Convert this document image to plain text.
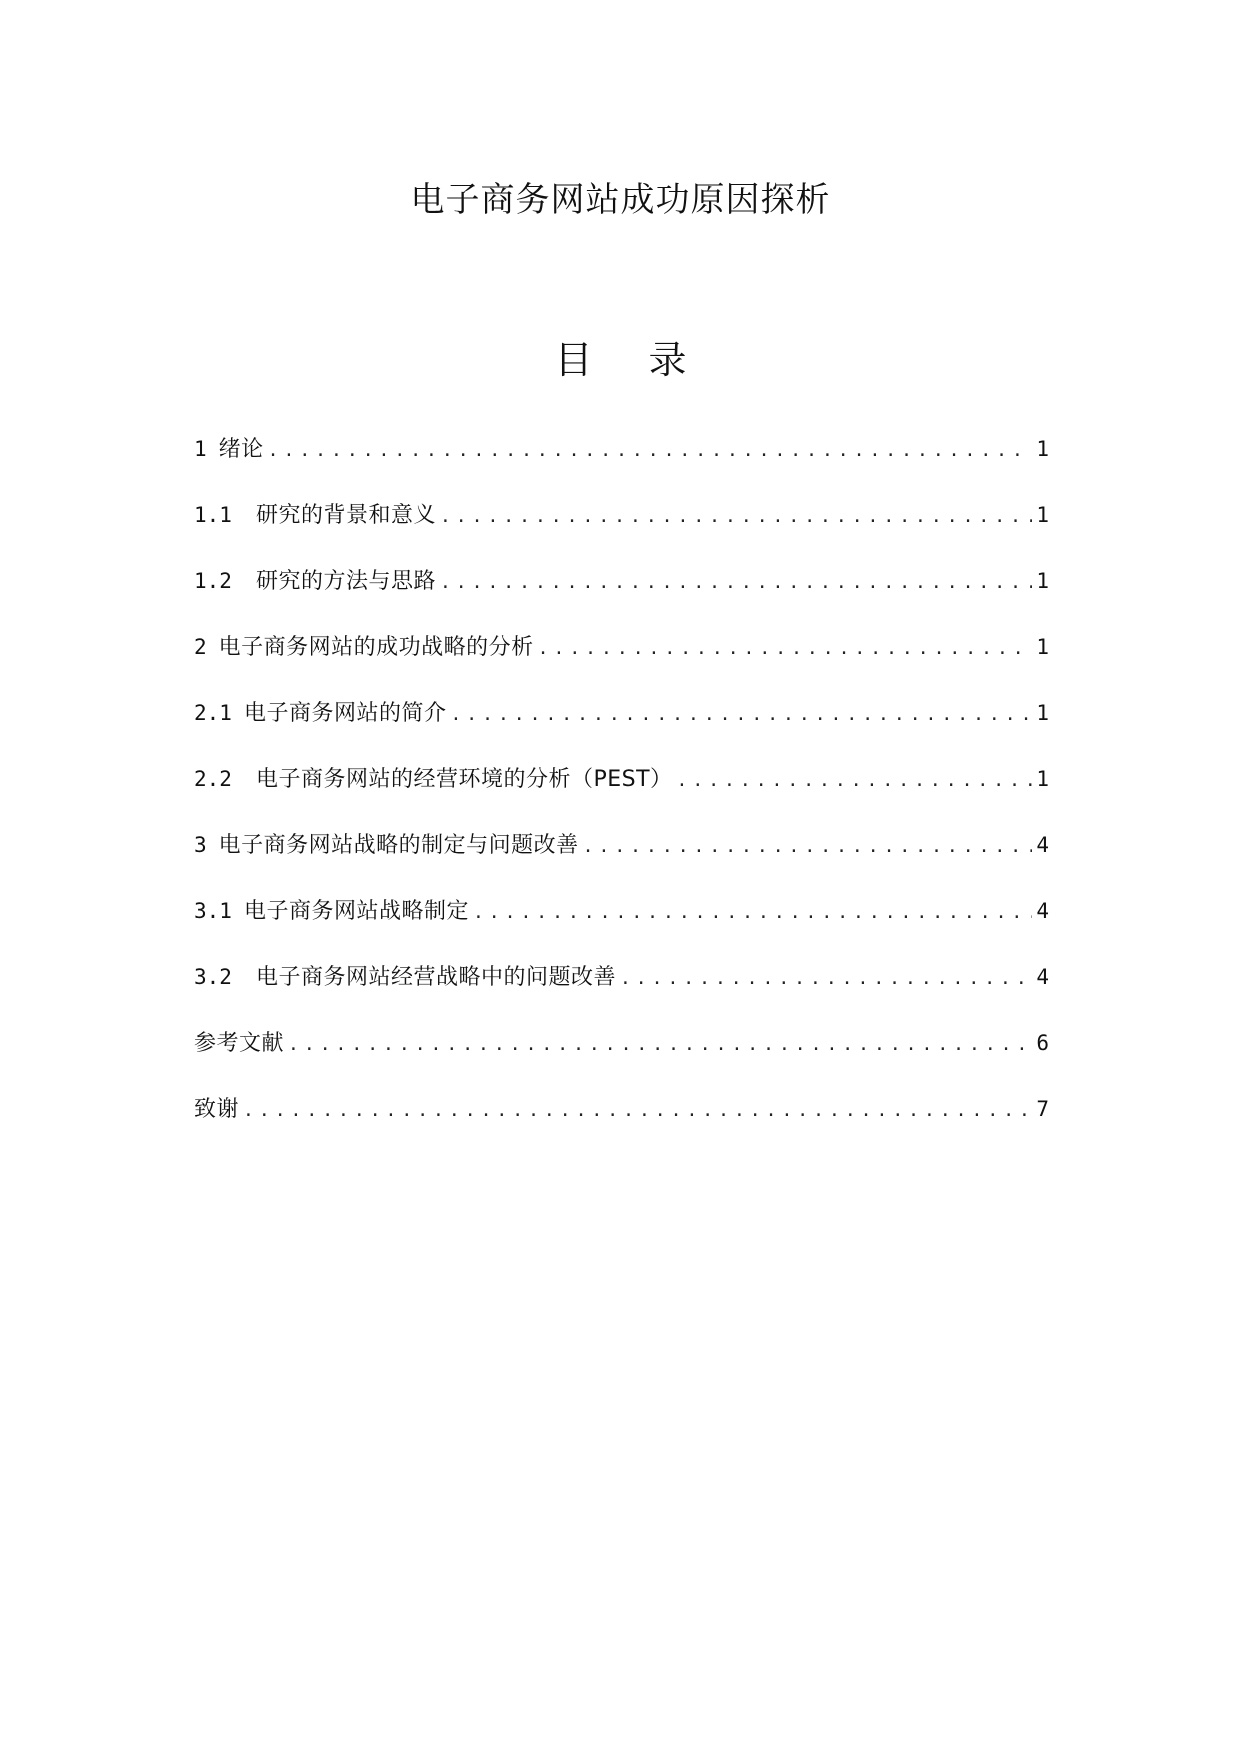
电子商务网站成功原因探析
目 录
1 绪论 .....	1
1.1 研究的背景和意义 .....	1
1.2 研究的方法与思路 .....	1
2 电子商务网站的成功战略的分析 .....	1
2.1 电子商务网站的简介 .....	1
2.2 电子商务网站的经营环境的分析（PEST） .....	1
3 电子商务网站战略的制定与问题改善 .....	4
3.1 电子商务网站战略制定 .....	4
3.2 电子商务网站经营战略中的问题改善 .....	4
参考文献 .....	6
致谢 .....	7
